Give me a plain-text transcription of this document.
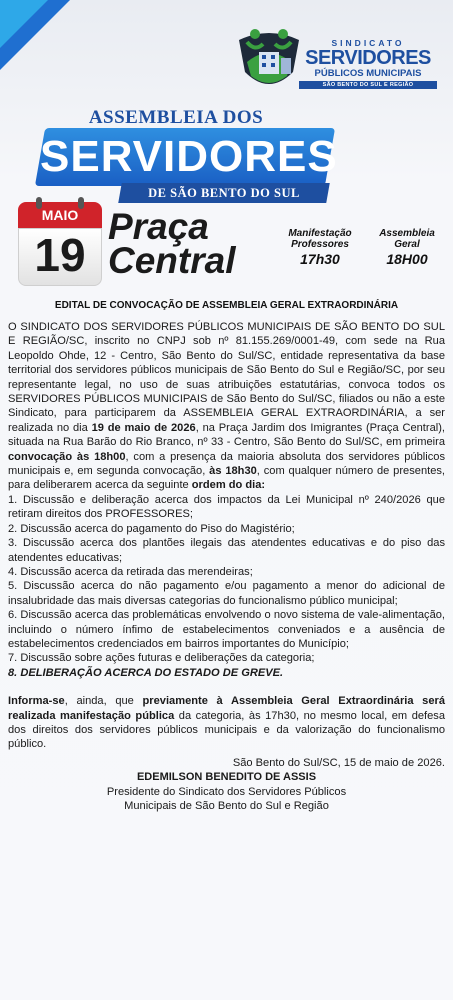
SINDICATO
SERVIDORES
PÚBLICOS MUNICIPAIS
SÃO BENTO DO SUL E REGIÃO
ASSEMBLEIA DOS
SERVIDORES
DE SÃO BENTO DO SUL
MAIO
19
Praça
Central
Manifestação
Professores
17h30
Assembleia
Geral
18H00
EDITAL DE CONVOCAÇÃO DE ASSEMBLEIA GERAL EXTRAORDINÁRIA

O SINDICATO DOS SERVIDORES PÚBLICOS MUNICIPAIS DE SÃO BENTO DO SUL E REGIÃO/SC, inscrito no CNPJ sob nº 81.155.269/0001-49, com sede na Rua Leopoldo Ohde, 12 - Centro, São Bento do Sul/SC, entidade representativa da base territorial dos servidores públicos municipais de São Bento do Sul e Região/SC, por seu representante legal, no uso de suas atribuições estatutárias, convoca todos os SERVIDORES PÚBLICOS MUNICIPAIS de São Bento do Sul/SC, filiados ou não a este Sindicato, para participarem da ASSEMBLEIA GERAL EXTRAORDINÁRIA, a ser realizada no dia 19 de maio de 2026, na Praça Jardim dos Imigrantes (Praça Central), situada na Rua Barão do Rio Branco, nº 33 - Centro, São Bento do Sul/SC, em primeira convocação às 18h00, com a presença da maioria absoluta dos servidores públicos municipais e, em segunda convocação, às 18h30, com qualquer número de presentes, para deliberarem acerca da seguinte ordem do dia:

1. Discussão e deliberação acerca dos impactos da Lei Municipal nº 240/2026 que retiram direitos dos PROFESSORES;

2. Discussão acerca do pagamento do Piso do Magistério;

3. Discussão acerca dos plantões ilegais das atendentes educativas e do piso das atendentes educativas;

4. Discussão acerca da retirada das merendeiras;

5. Discussão acerca do não pagamento e/ou pagamento a menor do adicional de insalubridade das mais diversas categorias do funcionalismo público municipal;

6. Discussão acerca das problemáticas envolvendo o novo sistema de vale-alimentação, incluindo o número ínfimo de estabelecimentos conveniados e a ausência de estabelecimentos credenciados em bairros importantes do Município;

7. Discussão sobre ações futuras e deliberações da categoria;

8. DELIBERAÇÃO ACERCA DO ESTADO DE GREVE.

Informa-se, ainda, que previamente à Assembleia Geral Extraordinária será realizada manifestação pública da categoria, às 17h30, no mesmo local, em defesa dos direitos dos servidores públicos municipais e da valorização do funcionalismo público.

São Bento do Sul/SC, 15 de maio de 2026.

EDEMILSON BENEDITO DE ASSIS

Presidente do Sindicato dos Servidores Públicos

Municipais de São Bento do Sul e Região
